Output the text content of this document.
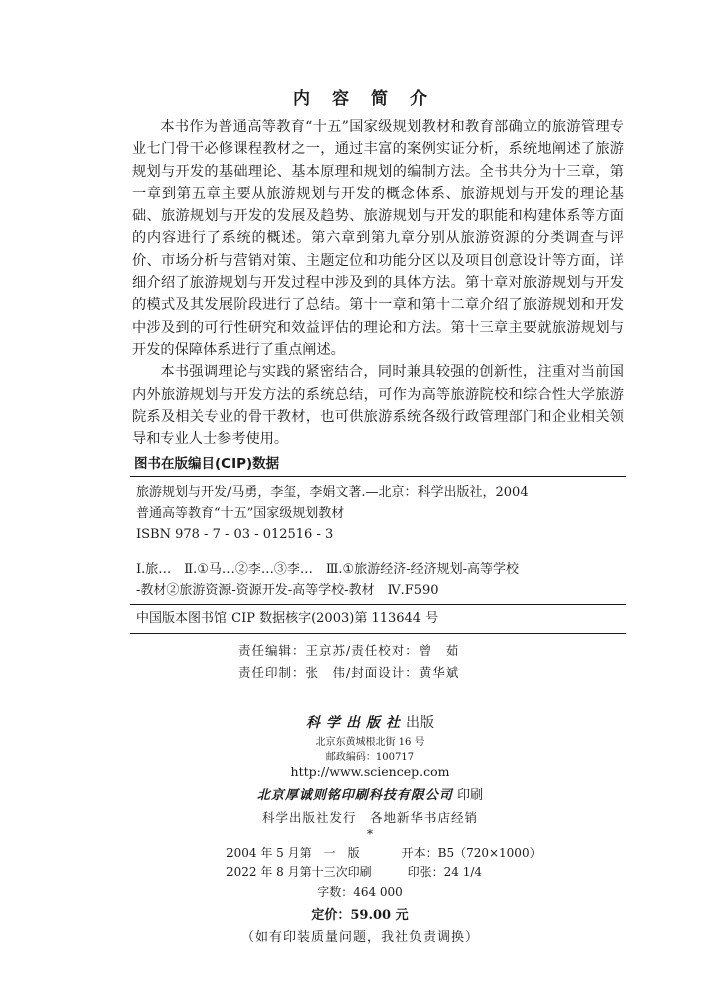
内容简介

本书作为普通高等教育“十五”国家级规划教材和教育部确立的旅游管理专业七门骨干必修课程教材之一，通过丰富的案例实证分析，系统地阐述了旅游规划与开发的基础理论、基本原理和规划的编制方法。全书共分为十三章，第一章到第五章主要从旅游规划与开发的概念体系、旅游规划与开发的理论基础、旅游规划与开发的发展及趋势、旅游规划与开发的职能和构建体系等方面的内容进行了系统的概述。第六章到第九章分别从旅游资源的分类调查与评价、市场分析与营销对策、主题定位和功能分区以及项目创意设计等方面，详细介绍了旅游规划与开发过程中涉及到的具体方法。第十章对旅游规划与开发的模式及其发展阶段进行了总结。第十一章和第十二章介绍了旅游规划和开发中涉及到的可行性研究和效益评估的理论和方法。第十三章主要就旅游规划与开发的保障体系进行了重点阐述。

本书强调理论与实践的紧密结合，同时兼具较强的创新性，注重对当前国内外旅游规划与开发方法的系统总结，可作为高等旅游院校和综合性大学旅游院系及相关专业的骨干教材，也可供旅游系统各级行政管理部门和企业相关领导和专业人士参考使用。

图书在版编目(CIP)数据
旅游规划与开发/马勇，李玺，李娟文著.—北京：科学出版社，2004
普通高等教育“十五”国家级规划教材
ISBN 978 - 7 - 03 - 012516 - 3
Ⅰ.旅…　Ⅱ.①马…②李…③李…　Ⅲ.①旅游经济-经济规划-高等学校
-教材②旅游资源-资源开发-高等学校-教材　Ⅳ.F590
中国版本图书馆 CIP 数据核字(2003)第 113644 号
责任编辑：王京苏/责任校对：曾　茹
责任印制：张　伟/封面设计：黄华斌
科学出版社出版
北京东黄城根北街 16 号
邮政编码：100717
http://www.sciencep.com
北京厚诚则铭印刷科技有限公司 印刷
科学出版社发行　各地新华书店经销
*
2004 年 5 月第　一　版	开本：B5（720×1000）
2022 年 8 月第十三次印刷	印张：24 1/4
字数：464 000
定价：59.00 元
（如有印装质量问题，我社负责调换）
